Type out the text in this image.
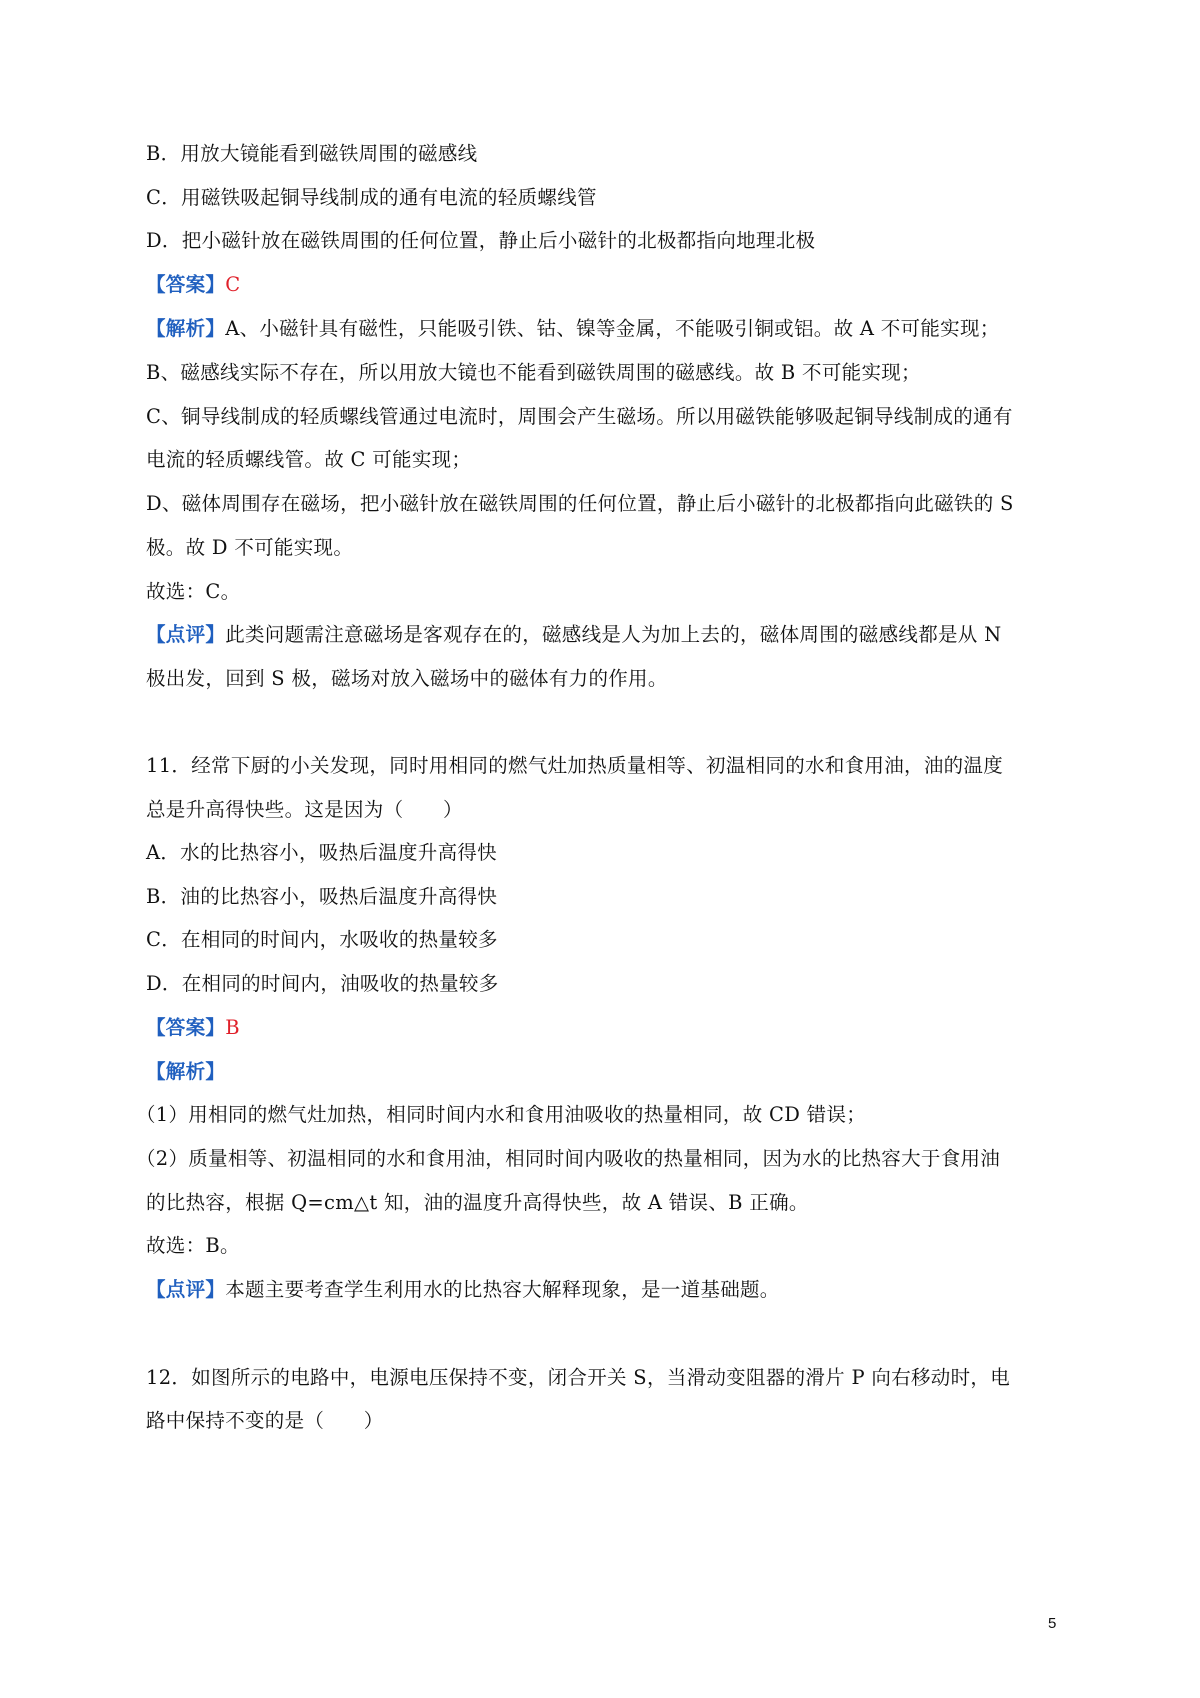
B．用放大镜能看到磁铁周围的磁感线
C．用磁铁吸起铜导线制成的通有电流的轻质螺线管
D．把小磁针放在磁铁周围的任何位置，静止后小磁针的北极都指向地理北极
【答案】C
【解析】A、小磁针具有磁性，只能吸引铁、钴、镍等金属，不能吸引铜或铝。故 A 不可能实现；
B、磁感线实际不存在，所以用放大镜也不能看到磁铁周围的磁感线。故 B 不可能实现；
C、铜导线制成的轻质螺线管通过电流时，周围会产生磁场。所以用磁铁能够吸起铜导线制成的通有
电流的轻质螺线管。故 C 可能实现；
D、磁体周围存在磁场，把小磁针放在磁铁周围的任何位置，静止后小磁针的北极都指向此磁铁的 S
极。故 D 不可能实现。
故选：C。
【点评】此类问题需注意磁场是客观存在的，磁感线是人为加上去的，磁体周围的磁感线都是从 N
极出发，回到 S 极，磁场对放入磁场中的磁体有力的作用。
11．经常下厨的小关发现，同时用相同的燃气灶加热质量相等、初温相同的水和食用油，油的温度
总是升高得快些。这是因为（　　）
A．水的比热容小，吸热后温度升高得快
B．油的比热容小，吸热后温度升高得快
C．在相同的时间内，水吸收的热量较多
D．在相同的时间内，油吸收的热量较多
【答案】B
【解析】
（1）用相同的燃气灶加热，相同时间内水和食用油吸收的热量相同，故 CD 错误；
（2）质量相等、初温相同的水和食用油，相同时间内吸收的热量相同，因为水的比热容大于食用油
的比热容，根据 Q=cm△t 知，油的温度升高得快些，故 A 错误、B 正确。
故选：B。
【点评】本题主要考查学生利用水的比热容大解释现象，是一道基础题。
12．如图所示的电路中，电源电压保持不变，闭合开关 S，当滑动变阻器的滑片 P 向右移动时，电
路中保持不变的是（　　）
5
